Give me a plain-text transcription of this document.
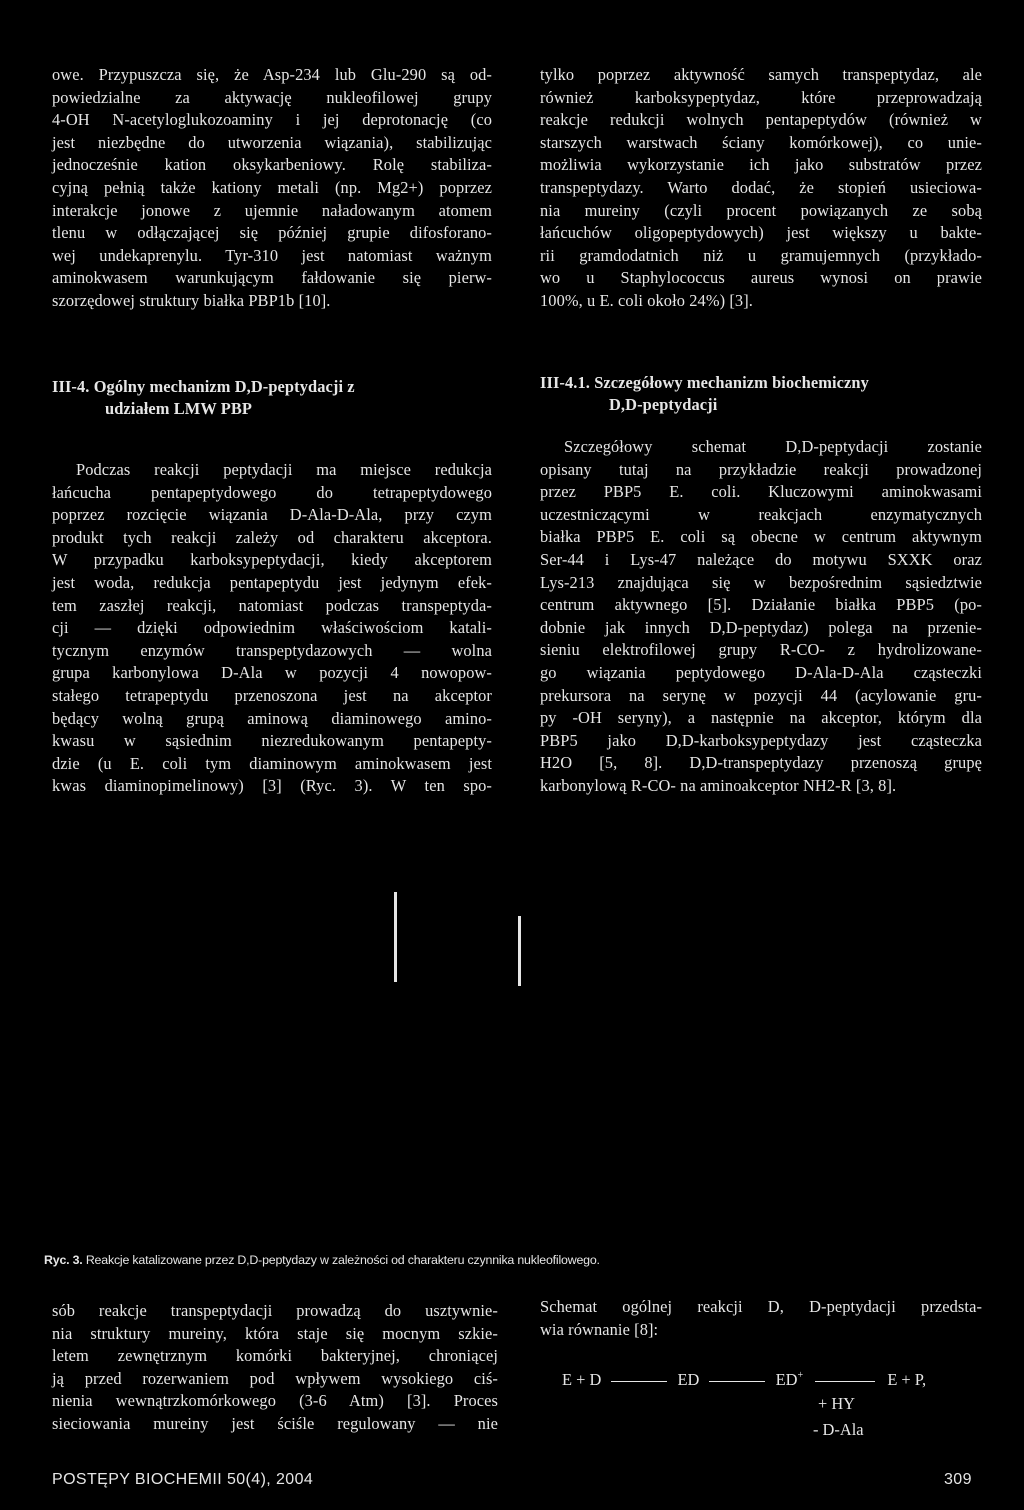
owe. Przypuszcza się, że Asp-234 lub Glu-290 są od-
powiedzialne za aktywację nukleofilowej grupy
4-OH N-acetyloglukozoaminy i jej deprotonację (co
jest niezbędne do utworzenia wiązania), stabilizując
jednocześnie kation oksykarbeniowy. Rolę stabiliza-
cyjną pełnią także kationy metali (np. Mg2+) poprzez
interakcje jonowe z ujemnie naładowanym atomem
tlenu w odłączającej się później grupie difosforano-
wej undekaprenylu. Tyr-310 jest natomiast ważnym
aminokwasem warunkującym fałdowanie się pierw-
szorzędowej struktury białka PBP1b [10].
III-4. Ogólny mechanizm D,D-peptydacji z
udziałem LMW PBP
Podczas reakcji peptydacji ma miejsce redukcja
łańcucha pentapeptydowego do tetrapeptydowego
poprzez rozcięcie wiązania D-Ala-D-Ala, przy czym
produkt tych reakcji zależy od charakteru akceptora.
W przypadku karboksypeptydacji, kiedy akceptorem
jest woda, redukcja pentapeptydu jest jedynym efek-
tem zaszłej reakcji, natomiast podczas transpeptyda-
cji — dzięki odpowiednim właściwościom katali-
tycznym enzymów transpeptydazowych — wolna
grupa karbonylowa D-Ala w pozycji 4 nowopow-
stałego tetrapeptydu przenoszona jest na akceptor
będący wolną grupą aminową diaminowego amino-
kwasu w sąsiednim niezredukowanym pentapepty-
dzie (u E. coli tym diaminowym aminokwasem jest
kwas diaminopimelinowy) [3] (Ryc. 3). W ten spo-
tylko poprzez aktywność samych transpeptydaz, ale
również karboksypeptydaz, które przeprowadzają
reakcje redukcji wolnych pentapeptydów (również w
starszych warstwach ściany komórkowej), co unie-
możliwia wykorzystanie ich jako substratów przez
transpeptydazy. Warto dodać, że stopień usieciowa-
nia mureiny (czyli procent powiązanych ze sobą
łańcuchów oligopeptydowych) jest większy u bakte-
rii gramdodatnich niż u gramujemnych (przykłado-
wo u Staphylococcus aureus wynosi on prawie
100%, u E. coli około 24%) [3].
III-4.1. Szczegółowy mechanizm biochemiczny
D,D-peptydacji
Szczegółowy schemat D,D-peptydacji zostanie
opisany tutaj na przykładzie reakcji prowadzonej
przez PBP5 E. coli. Kluczowymi aminokwasami
uczestniczącymi w reakcjach enzymatycznych
białka PBP5 E. coli są obecne w centrum aktywnym
Ser-44 i Lys-47 należące do motywu SXXK oraz
Lys-213 znajdująca się w bezpośrednim sąsiedztwie
centrum aktywnego [5]. Działanie białka PBP5 (po-
dobnie jak innych D,D-peptydaz) polega na przenie-
sieniu elektrofilowej grupy R-CO- z hydrolizowane-
go wiązania peptydowego D-Ala-D-Ala cząsteczki
prekursora na serynę w pozycji 44 (acylowanie gru-
py -OH seryny), a następnie na akceptor, którym dla
PBP5 jako D,D-karboksypeptydazy jest cząsteczka
H2O [5, 8]. D,D-transpeptydazy przenoszą grupę
karbonylową R-CO- na aminoakceptor NH2-R [3, 8].
Ryc. 3. Reakcje katalizowane przez D,D-peptydazy w zależności od charakteru czynnika nukleofilowego.
sób reakcje transpeptydacji prowadzą do usztywnie-
nia struktury mureiny, która staje się mocnym szkie-
letem zewnętrznym komórki bakteryjnej, chroniącej
ją przed rozerwaniem pod wpływem wysokiego ciś-
nienia wewnątrzkomórkowego (3-6 Atm) [3]. Proces
sieciowania mureiny jest ściśle regulowany — nie
Schemat ogólnej reakcji D, D-peptydacji przedsta-
wia równanie [8]:
E + D	ED	ED+	E + P,
+ HY
- D-Ala
POSTĘPY BIOCHEMII 50(4), 2004	309
